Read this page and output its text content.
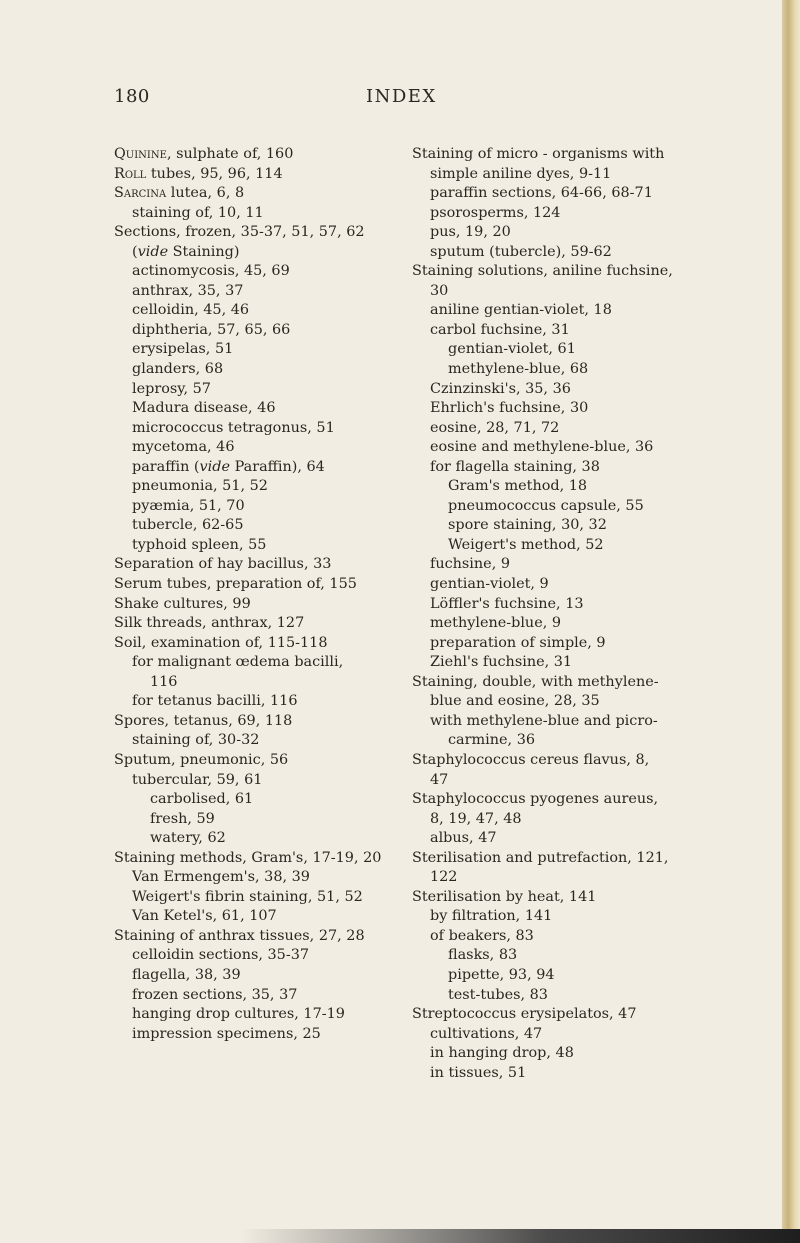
180	INDEX
Quinine, sulphate of, 160
Roll tubes, 95, 96, 114
Sarcina lutea, 6, 8
staining of, 10, 11
Sections, frozen, 35-37, 51, 57, 62
(vide Staining)
actinomycosis, 45, 69
anthrax, 35, 37
celloidin, 45, 46
diphtheria, 57, 65, 66
erysipelas, 51
glanders, 68
leprosy, 57
Madura disease, 46
micrococcus tetragonus, 51
mycetoma, 46
paraffin (vide Paraffin), 64
pneumonia, 51, 52
pyæmia, 51, 70
tubercle, 62-65
typhoid spleen, 55
Separation of hay bacillus, 33
Serum tubes, preparation of, 155
Shake cultures, 99
Silk threads, anthrax, 127
Soil, examination of, 115-118
for malignant œdema bacilli,
116
for tetanus bacilli, 116
Spores, tetanus, 69, 118
staining of, 30-32
Sputum, pneumonic, 56
tubercular, 59, 61
carbolised, 61
fresh, 59
watery, 62
Staining methods, Gram's, 17-19, 20
Van Ermengem's, 38, 39
Weigert's fibrin staining, 51, 52
Van Ketel's, 61, 107
Staining of anthrax tissues, 27, 28
celloidin sections, 35-37
flagella, 38, 39
frozen sections, 35, 37
hanging drop cultures, 17-19
impression specimens, 25
Staining of micro - organisms with
simple aniline dyes, 9-11
paraffin sections, 64-66, 68-71
psorosperms, 124
pus, 19, 20
sputum (tubercle), 59-62
Staining solutions, aniline fuchsine,
30
aniline gentian-violet, 18
carbol fuchsine, 31
gentian-violet, 61
methylene-blue, 68
Czinzinski's, 35, 36
Ehrlich's fuchsine, 30
eosine, 28, 71, 72
eosine and methylene-blue, 36
for flagella staining, 38
Gram's method, 18
pneumococcus capsule, 55
spore staining, 30, 32
Weigert's method, 52
fuchsine, 9
gentian-violet, 9
Löffler's fuchsine, 13
methylene-blue, 9
preparation of simple, 9
Ziehl's fuchsine, 31
Staining, double, with methylene-
blue and eosine, 28, 35
with methylene-blue and picro-
carmine, 36
Staphylococcus cereus flavus, 8,
47
Staphylococcus pyogenes aureus,
8, 19, 47, 48
albus, 47
Sterilisation and putrefaction, 121,
122
Sterilisation by heat, 141
by filtration, 141
of beakers, 83
flasks, 83
pipette, 93, 94
test-tubes, 83
Streptococcus erysipelatos, 47
cultivations, 47
in hanging drop, 48
in tissues, 51
